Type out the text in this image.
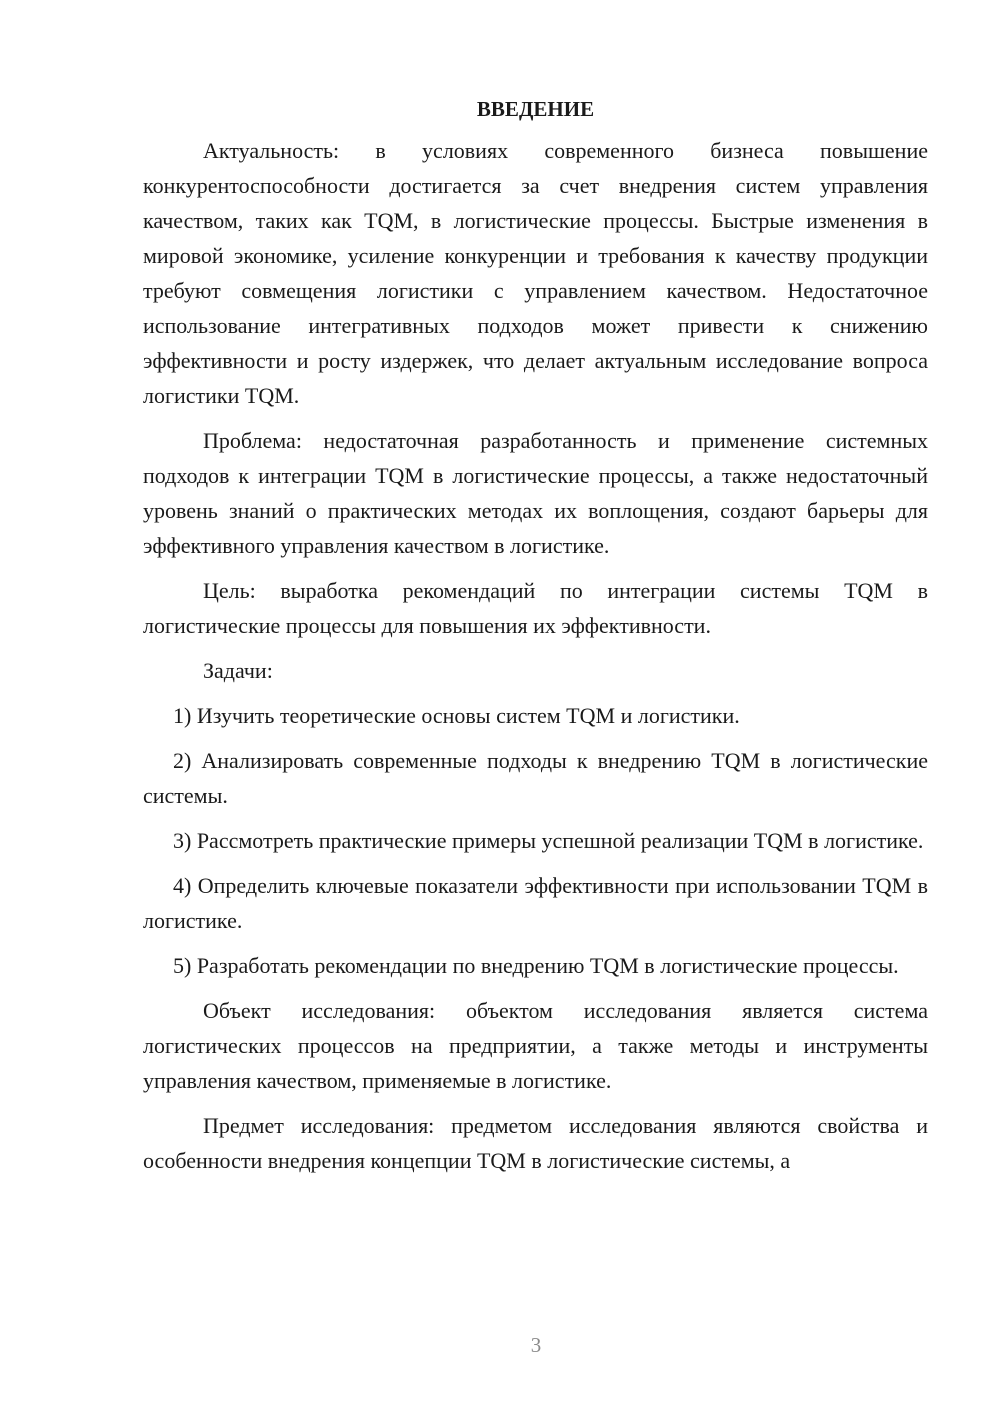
ВВЕДЕНИЕ

Актуальность: в условиях современного бизнеса повышение конкурентоспособности достигается за счет внедрения систем управления качеством, таких как TQM, в логистические процессы. Быстрые изменения в мировой экономике, усиление конкуренции и требования к качеству продукции требуют совмещения логистики с управлением качеством. Недостаточное использование интегративных подходов может привести к снижению эффективности и росту издержек, что делает актуальным исследование вопроса логистики TQM.

Проблема: недостаточная разработанность и применение системных подходов к интеграции TQM в логистические процессы, а также недостаточный уровень знаний о практических методах их воплощения, создают барьеры для эффективного управления качеством в логистике.

Цель: выработка рекомендаций по интеграции системы TQM в логистические процессы для повышения их эффективности.

Задачи:

1) Изучить теоретические основы систем TQM и логистики.

2) Анализировать современные подходы к внедрению TQM в логистические системы.

3) Рассмотреть практические примеры успешной реализации TQM в логистике.

4) Определить ключевые показатели эффективности при использовании TQM в логистике.

5) Разработать рекомендации по внедрению TQM в логистические процессы.

Объект исследования: объектом исследования является система логистических процессов на предприятии, а также методы и инструменты управления качеством, применяемые в логистике.

Предмет исследования: предметом исследования являются свойства и особенности внедрения концепции TQM в логистические системы, а

3
